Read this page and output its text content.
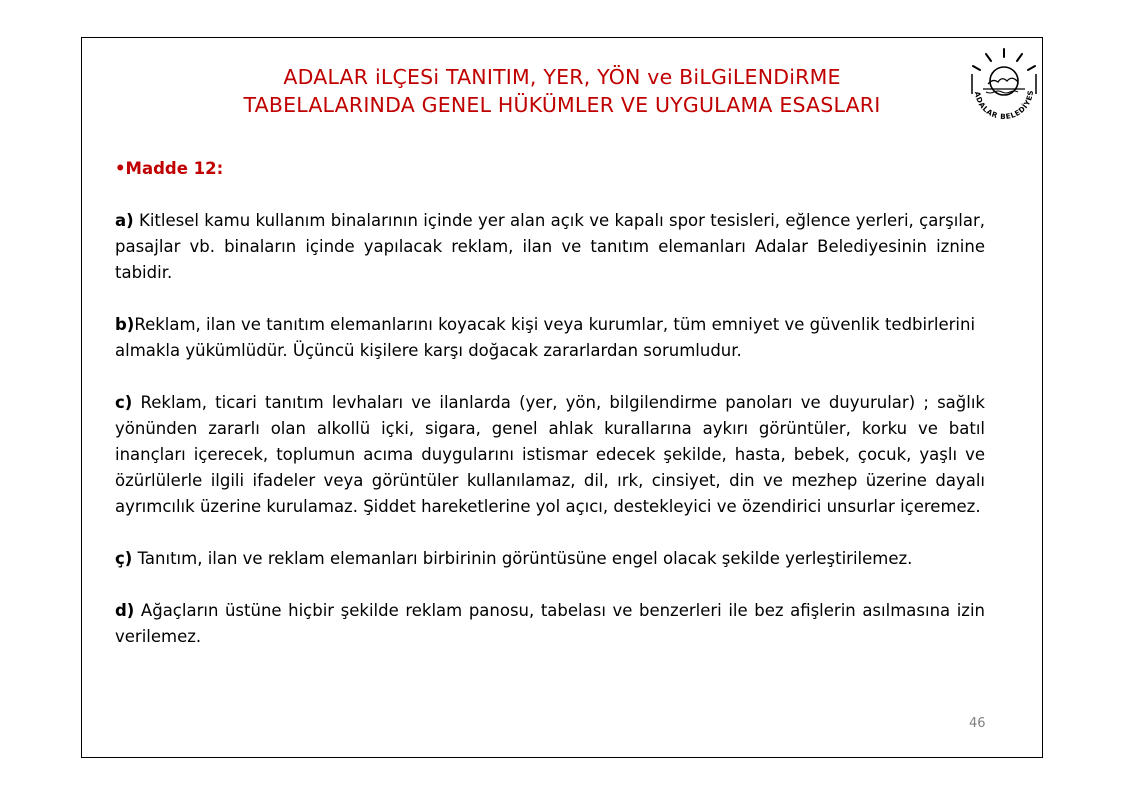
ADALAR iLÇESi TANITIM, YER, YÖN ve BiLGiLENDiRME
TABELALARINDA GENEL HÜKÜMLER VE UYGULAMA ESASLARI	ADALAR BELEDİYES

•Madde 12:

a) Kitlesel kamu kullanım binalarının içinde yer alan açık ve kapalı spor tesisleri, eğlence yerleri, çarşılar, pasajlar vb. binaların içinde yapılacak reklam, ilan ve tanıtım elemanları Adalar Belediyesinin iznine tabidir.

b)Reklam, ilan ve tanıtım elemanlarını koyacak kişi veya kurumlar, tüm emniyet ve güvenlik tedbirlerini almakla yükümlüdür. Üçüncü kişilere karşı doğacak zararlardan sorumludur.

c) Reklam, ticari tanıtım levhaları ve ilanlarda (yer, yön, bilgilendirme panoları ve duyurular) ; sağlık yönünden zararlı olan alkollü içki, sigara, genel ahlak kurallarına aykırı görüntüler, korku ve batıl inançları içerecek, toplumun acıma duygularını istismar edecek şekilde, hasta, bebek, çocuk, yaşlı ve özürlülerle ilgili ifadeler veya görüntüler kullanılamaz, dil, ırk, cinsiyet, din ve mezhep üzerine dayalı ayrımcılık üzerine kurulamaz. Şiddet hareketlerine yol açıcı, destekleyici ve özendirici unsurlar içeremez.

ç) Tanıtım, ilan ve reklam elemanları birbirinin görüntüsüne engel olacak şekilde yerleştirilemez.

d) Ağaçların üstüne hiçbir şekilde reklam panosu, tabelası ve benzerleri ile bez afişlerin asılmasına izin verilemez.

46
